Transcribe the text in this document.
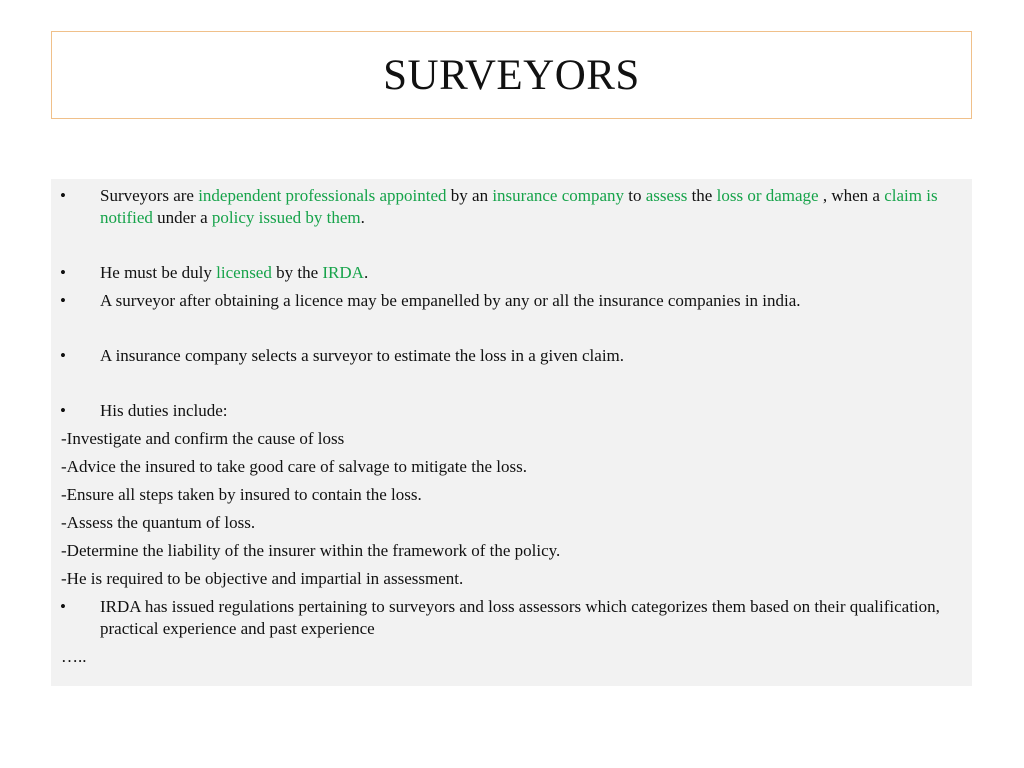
SURVEYORS
• Surveyors are independent professionals appointed by an insurance company to assess the loss or damage , when a claim is notified under a policy issued by them.
• He must be duly licensed by the IRDA.
• A surveyor after obtaining a licence may be empanelled by any or all the insurance companies in india.
• A insurance company selects a surveyor to estimate the loss in a given claim.
• His duties include:
-Investigate and confirm the cause of loss
-Advice the insured to take good care of salvage to mitigate the loss.
-Ensure all steps taken by insured to contain the loss.
-Assess the quantum of loss.
-Determine the liability of the insurer within the framework of the policy.
-He is required to be objective and impartial in assessment.
• IRDA has issued regulations pertaining to surveyors and loss assessors which categorizes them based on their qualification, practical experience and past experience
…..
